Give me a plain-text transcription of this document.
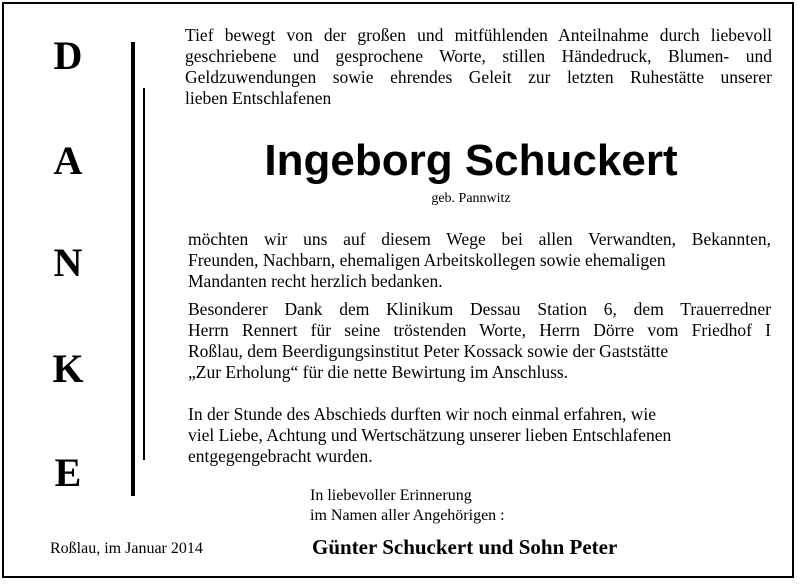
D
A
N
K
E
Tief bewegt von der großen und mitfühlenden Anteilnahme durch liebevoll
geschriebene und gesprochene Worte, stillen Händedruck, Blumen- und
Geldzuwendungen sowie ehrendes Geleit zur letzten Ruhestätte unserer
lieben Entschlafenen
Ingeborg Schuckert
geb. Pannwitz
möchten wir uns auf diesem Wege bei allen Verwandten, Bekannten,
Freunden, Nachbarn, ehemaligen Arbeitskollegen sowie ehemaligen
Mandanten recht herzlich bedanken.
Besonderer Dank dem Klinikum Dessau Station 6, dem Trauerredner
Herrn Rennert für seine tröstenden Worte, Herrn Dörre vom Friedhof I
Roßlau, dem Beerdigungsinstitut Peter Kossack sowie der Gaststätte
„Zur Erholung“ für die nette Bewirtung im Anschluss.
In der Stunde des Abschieds durften wir noch einmal erfahren, wie
viel Liebe, Achtung und Wertschätzung unserer lieben Entschlafenen
entgegengebracht wurden.
In liebevoller Erinnerung
im Namen aller Angehörigen :
Roßlau, im Januar 2014	Günter Schuckert und Sohn Peter
